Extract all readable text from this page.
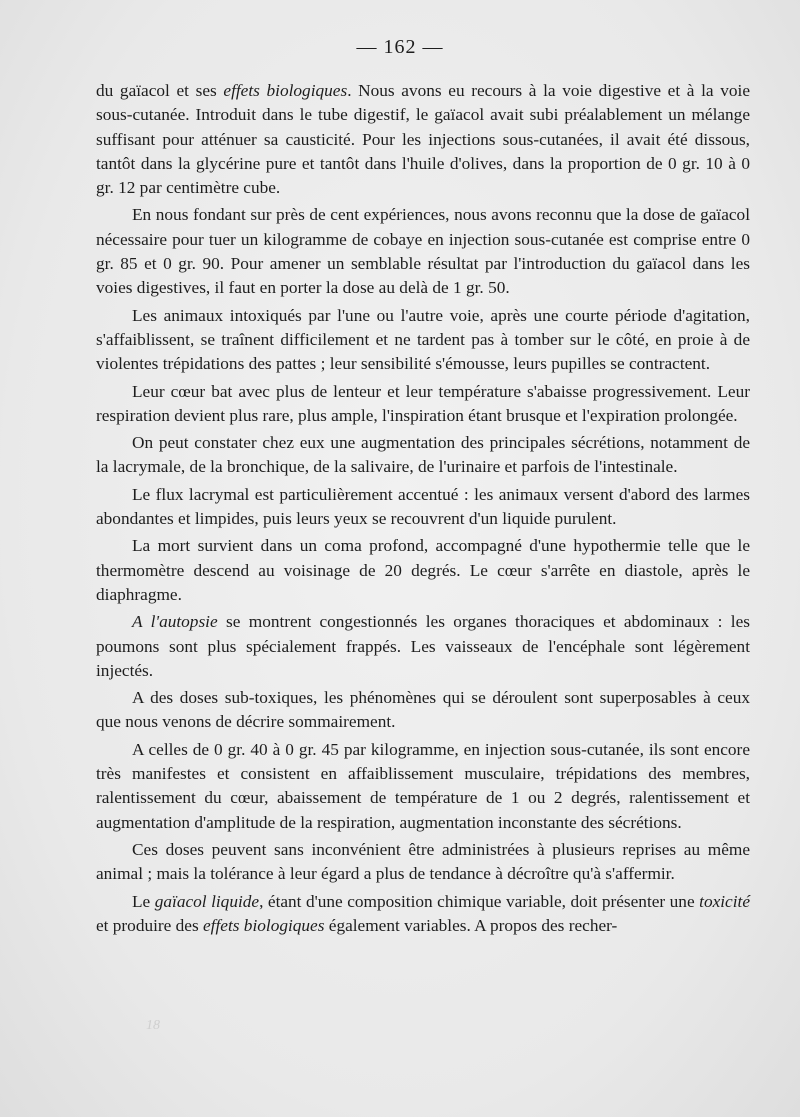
— 162 —

du gaïacol et ses effets biologiques. Nous avons eu recours à la voie digestive et à la voie sous-cutanée. Introduit dans le tube digestif, le gaïacol avait subi préalablement un mélange suffisant pour atténuer sa causticité. Pour les injections sous-cutanées, il avait été dissous, tantôt dans la glycérine pure et tantôt dans l'huile d'olives, dans la proportion de 0 gr. 10 à 0 gr. 12 par centimètre cube.

En nous fondant sur près de cent expériences, nous avons reconnu que la dose de gaïacol nécessaire pour tuer un kilogramme de cobaye en injection sous-cutanée est comprise entre 0 gr. 85 et 0 gr. 90. Pour amener un semblable résultat par l'introduction du gaïacol dans les voies digestives, il faut en porter la dose au delà de 1 gr. 50.

Les animaux intoxiqués par l'une ou l'autre voie, après une courte période d'agitation, s'affaiblissent, se traînent difficilement et ne tardent pas à tomber sur le côté, en proie à de violentes trépidations des pattes ; leur sensibilité s'émousse, leurs pupilles se contractent.

Leur cœur bat avec plus de lenteur et leur température s'abaisse progressivement. Leur respiration devient plus rare, plus ample, l'inspiration étant brusque et l'expiration prolongée.

On peut constater chez eux une augmentation des principales sécrétions, notamment de la lacrymale, de la bronchique, de la salivaire, de l'urinaire et parfois de l'intestinale.

Le flux lacrymal est particulièrement accentué : les animaux versent d'abord des larmes abondantes et limpides, puis leurs yeux se recouvrent d'un liquide purulent.

La mort survient dans un coma profond, accompagné d'une hypothermie telle que le thermomètre descend au voisinage de 20 degrés. Le cœur s'arrête en diastole, après le diaphragme.

A l'autopsie se montrent congestionnés les organes thoraciques et abdominaux : les poumons sont plus spécialement frappés. Les vaisseaux de l'encéphale sont légèrement injectés.

A des doses sub-toxiques, les phénomènes qui se déroulent sont superposables à ceux que nous venons de décrire sommairement.

A celles de 0 gr. 40 à 0 gr. 45 par kilogramme, en injection sous-cutanée, ils sont encore très manifestes et consistent en affaiblissement musculaire, trépidations des membres, ralentissement du cœur, abaissement de température de 1 ou 2 degrés, ralentissement et augmentation d'amplitude de la respiration, augmentation inconstante des sécrétions.

Ces doses peuvent sans inconvénient être administrées à plusieurs reprises au même animal ; mais la tolérance à leur égard a plus de tendance à décroître qu'à s'affermir.

Le gaïacol liquide, étant d'une composition chimique variable, doit présenter une toxicité et produire des effets biologiques également variables. A propos des recher-

18
